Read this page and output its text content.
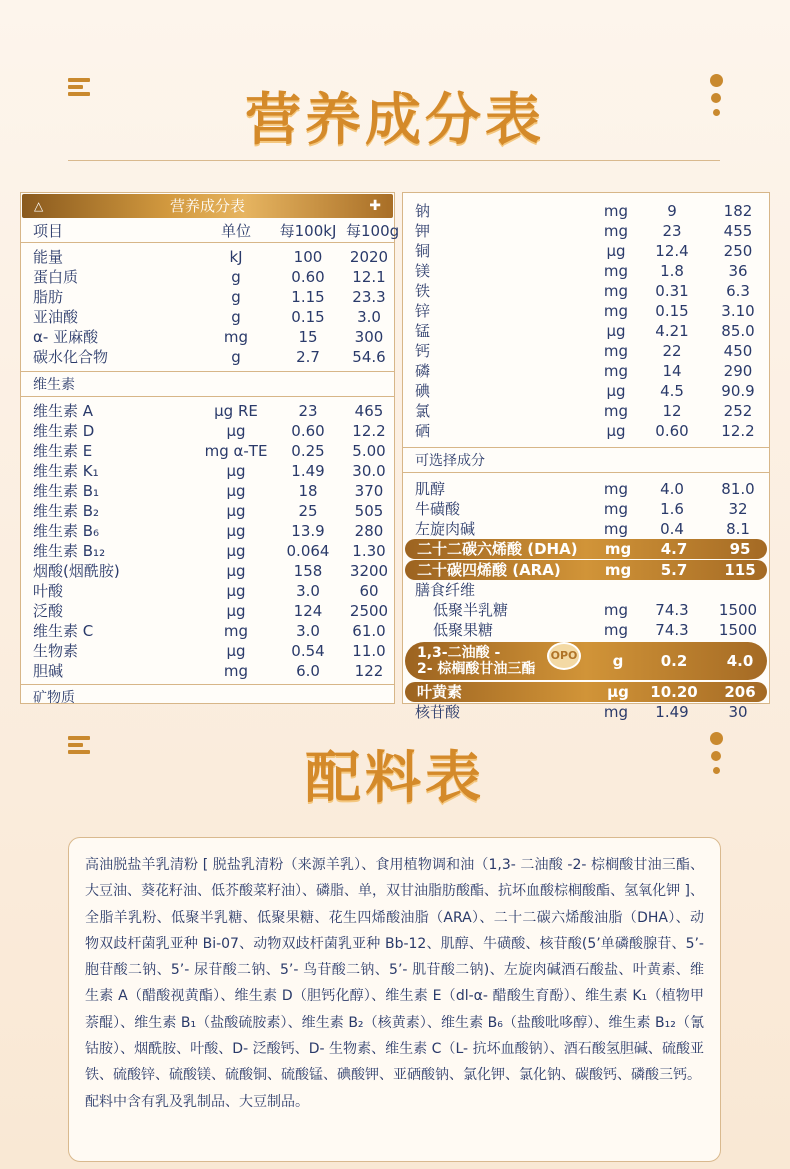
营养成分表
△	营养成分表	✚
项目	单位	每100kJ 每100g
能量	kJ	100	2020
蛋白质	g	0.60	12.1
脂肪	g	1.15	23.3
亚油酸	g	0.15	3.0
α- 亚麻酸	mg	15	300
碳水化合物	g	2.7	54.6
维生素
维生素 A	μg RE	23	465
维生素 D	μg	0.60	12.2
维生素 E	mg α-TE	0.25	5.00
维生素 K₁	μg	1.49	30.0
维生素 B₁	μg	18	370
维生素 B₂	μg	25	505
维生素 B₆	μg	13.9	280
维生素 B₁₂	μg	0.064	1.30
烟酸(烟酰胺)	μg	158	3200
叶酸	μg	3.0	60
泛酸	μg	124	2500
维生素 C	mg	3.0	61.0
生物素	μg	0.54	11.0
胆碱	mg	6.0	122
矿物质
钠	mg	9	182
钾	mg	23	455
铜	μg	12.4	250
镁	mg	1.8	36
铁	mg	0.31	6.3
锌	mg	0.15	3.10
锰	μg	4.21	85.0
钙	mg	22	450
磷	mg	14	290
碘	μg	4.5	90.9
氯	mg	12	252
硒	μg	0.60	12.2
可选择成分
肌醇	mg	4.0	81.0
牛磺酸	mg	1.6	32
左旋肉碱	mg	0.4	8.1
二十二碳六烯酸 (DHA)	mg	4.7	95
二十碳四烯酸 (ARA)	mg	5.7	115
膳食纤维
低聚半乳糖	mg	74.3	1500
低聚果糖	mg	74.3	1500
1,3-二油酸 -
2- 棕榈酸甘油三酯
OPO	g	0.2	4.0
叶黄素	μg	10.20	206
核苷酸	mg	1.49	30
配料表
高油脱盐羊乳清粉 [ 脱盐乳清粉（来源羊乳）、食用植物调和油（1,3- 二油酸 -2- 棕榈酸甘油三酯、大豆油、葵花籽油、低芥酸菜籽油）、磷脂、单，双甘油脂肪酸酯、抗坏血酸棕榈酸酯、氢氧化钾 ]、全脂羊乳粉、低聚半乳糖、低聚果糖、花生四烯酸油脂（ARA）、二十二碳六烯酸油脂（DHA）、动物双歧杆菌乳亚种 Bi-07、动物双歧杆菌乳亚种 Bb-12、肌醇、牛磺酸、核苷酸(5’单磷酸腺苷、5’- 胞苷酸二钠、5’- 尿苷酸二钠、5’- 鸟苷酸二钠、5’- 肌苷酸二钠)、左旋肉碱酒石酸盐、叶黄素、维生素 A（醋酸视黄酯）、维生素 D（胆钙化醇）、维生素 E（dl-α- 醋酸生育酚）、维生素 K₁（植物甲萘醌）、维生素 B₁（盐酸硫胺素）、维生素 B₂（核黄素）、维生素 B₆（盐酸吡哆醇）、维生素 B₁₂（氰钴胺）、烟酰胺、叶酸、D- 泛酸钙、D- 生物素、维生素 C（L- 抗坏血酸钠）、酒石酸氢胆碱、硫酸亚铁、硫酸锌、硫酸镁、硫酸铜、硫酸锰、碘酸钾、亚硒酸钠、氯化钾、氯化钠、碳酸钙、磷酸三钙。
配料中含有乳及乳制品、大豆制品。
